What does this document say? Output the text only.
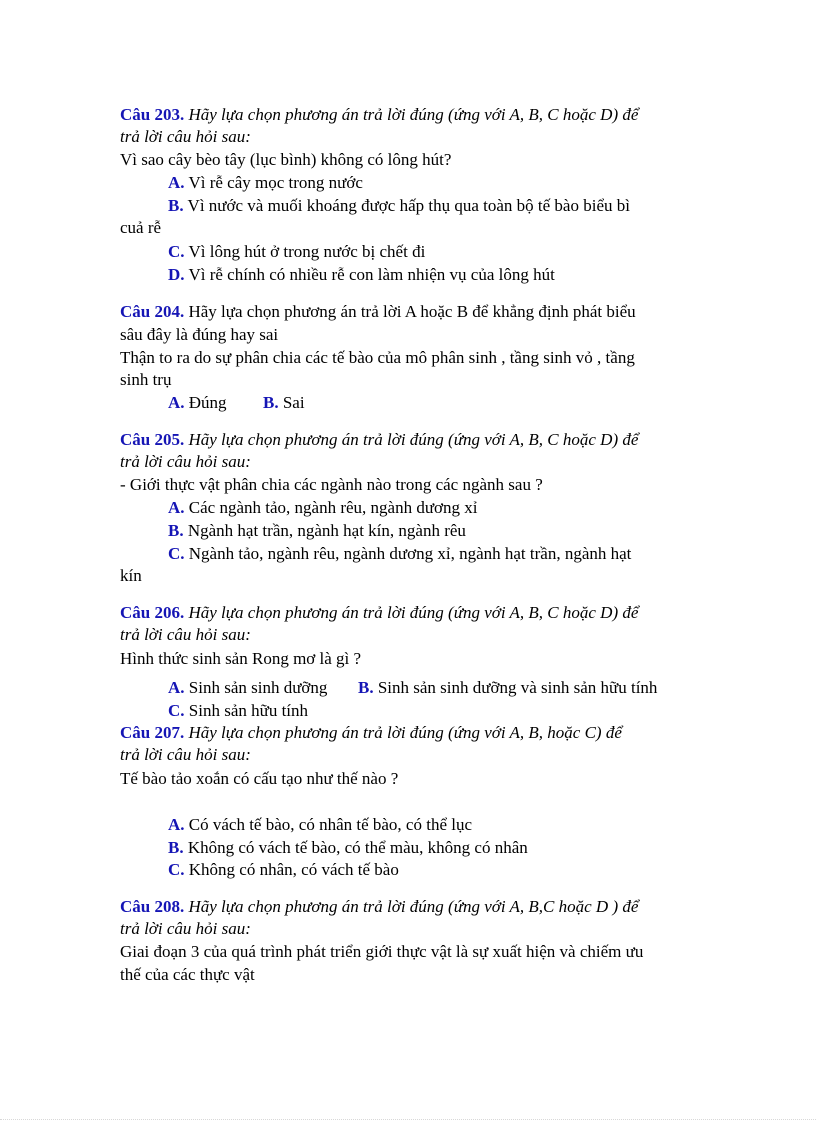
Câu 203. Hãy lựa chọn phương án trả lời đúng (ứng với A, B, C hoặc D) để
trả lời câu hỏi sau:
Vì sao cây bèo tây (lục bình) không có lông hút?
A. Vì rễ cây mọc trong nước
B. Vì nước và muối khoáng được hấp thụ qua toàn bộ tế bào biểu bì
cuả rễ
C. Vì lông hút ở trong nước bị chết đi
D. Vì rễ chính có nhiều rễ con làm nhiện vụ của lông hút
Câu 204. Hãy lựa chọn phương án trả lời A hoặc B để khẳng định phát biểu
sâu đây là đúng hay sai
Thận to ra do sự phân chia các tế bào của mô phân sinh , tầng sinh vỏ , tầng
sinh trụ
A. Đúng B. Sai
Câu 205. Hãy lựa chọn phương án trả lời đúng (ứng với A, B, C hoặc D) để
trả lời câu hỏi sau:
- Giới thực vật phân chia các ngành nào trong các ngành sau ?
A. Các ngành tảo, ngành rêu, ngành dương xỉ
B. Ngành hạt trần, ngành hạt kín, ngành rêu
C. Ngành tảo, ngành rêu, ngành dương xỉ, ngành hạt trần, ngành hạt
kín
Câu 206. Hãy lựa chọn phương án trả lời đúng (ứng với A, B, C hoặc D) để
trả lời câu hỏi sau:
Hình thức sinh sản Rong mơ là gì ?
A. Sinh sản sinh dưỡng B. Sinh sản sinh dưỡng và sinh sản hữu tính
C. Sinh sản hữu tính
Câu 207. Hãy lựa chọn phương án trả lời đúng (ứng với A, B, hoặc C) để
trả lời câu hỏi sau:
Tế bào tảo xoắn có cấu tạo như thế nào ?
A. Có vách tế bào, có nhân tế bào, có thể lục
B. Không có vách tế bào, có thể màu, không có nhân
C. Không có nhân, có vách tế bào
Câu 208. Hãy lựa chọn phương án trả lời đúng (ứng với A, B,C hoặc D ) để
trả lời câu hỏi sau:
Giai đoạn 3 của quá trình phát triển giới thực vật là sự xuất hiện và chiếm ưu
thế của các thực vật
